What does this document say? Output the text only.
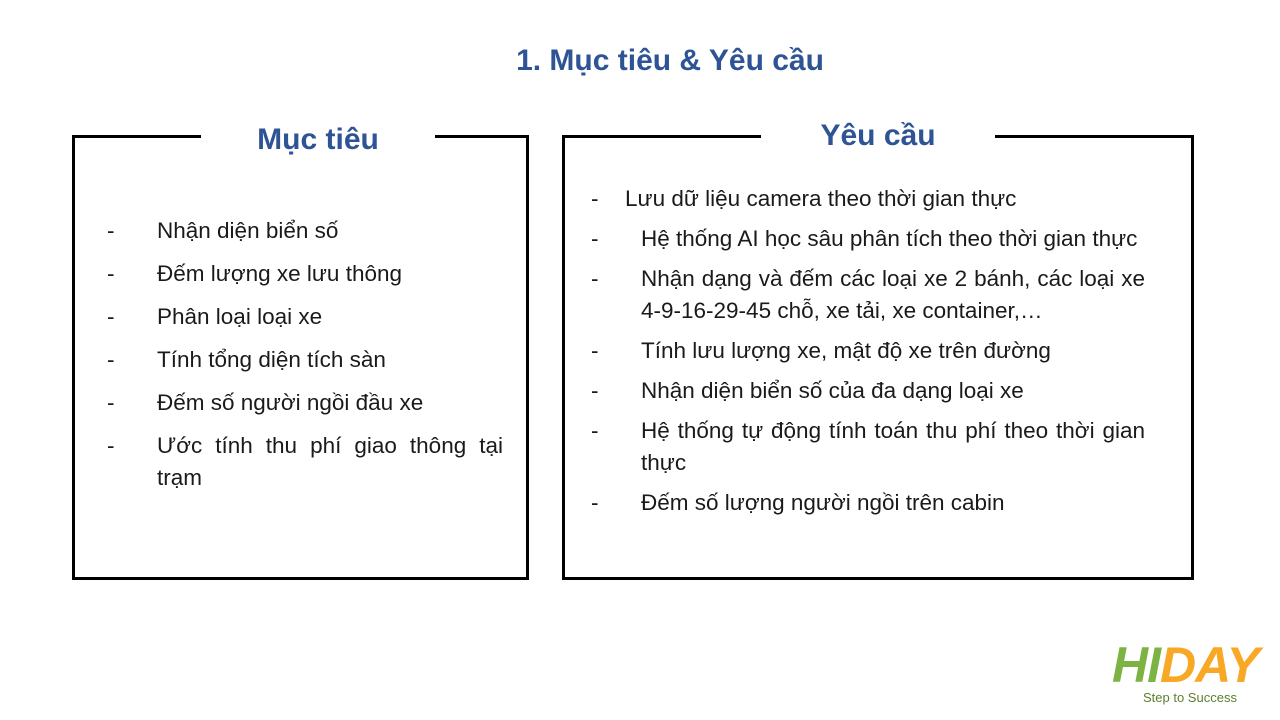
1. Mục tiêu & Yêu cầu
Mục tiêu
- Nhận diện biển số
- Đếm lượng xe lưu thông
- Phân loại loại xe
- Tính tổng diện tích sàn
- Đếm số người ngồi đầu xe
- Ước tính thu phí giao thông tại trạm
Yêu cầu
- Lưu dữ liệu camera theo thời gian thực
- Hệ thống AI học sâu phân tích theo thời gian thực
- Nhận dạng và đếm các loại xe 2 bánh, các loại xe 4-9-16-29-45 chỗ, xe tải, xe container,…
- Tính lưu lượng xe, mật độ xe trên đường
- Nhận diện biển số của đa dạng loại xe
- Hệ thống tự động tính toán thu phí theo thời gian thực
- Đếm số lượng người ngồi trên cabin
HIDAY
Step to Success
